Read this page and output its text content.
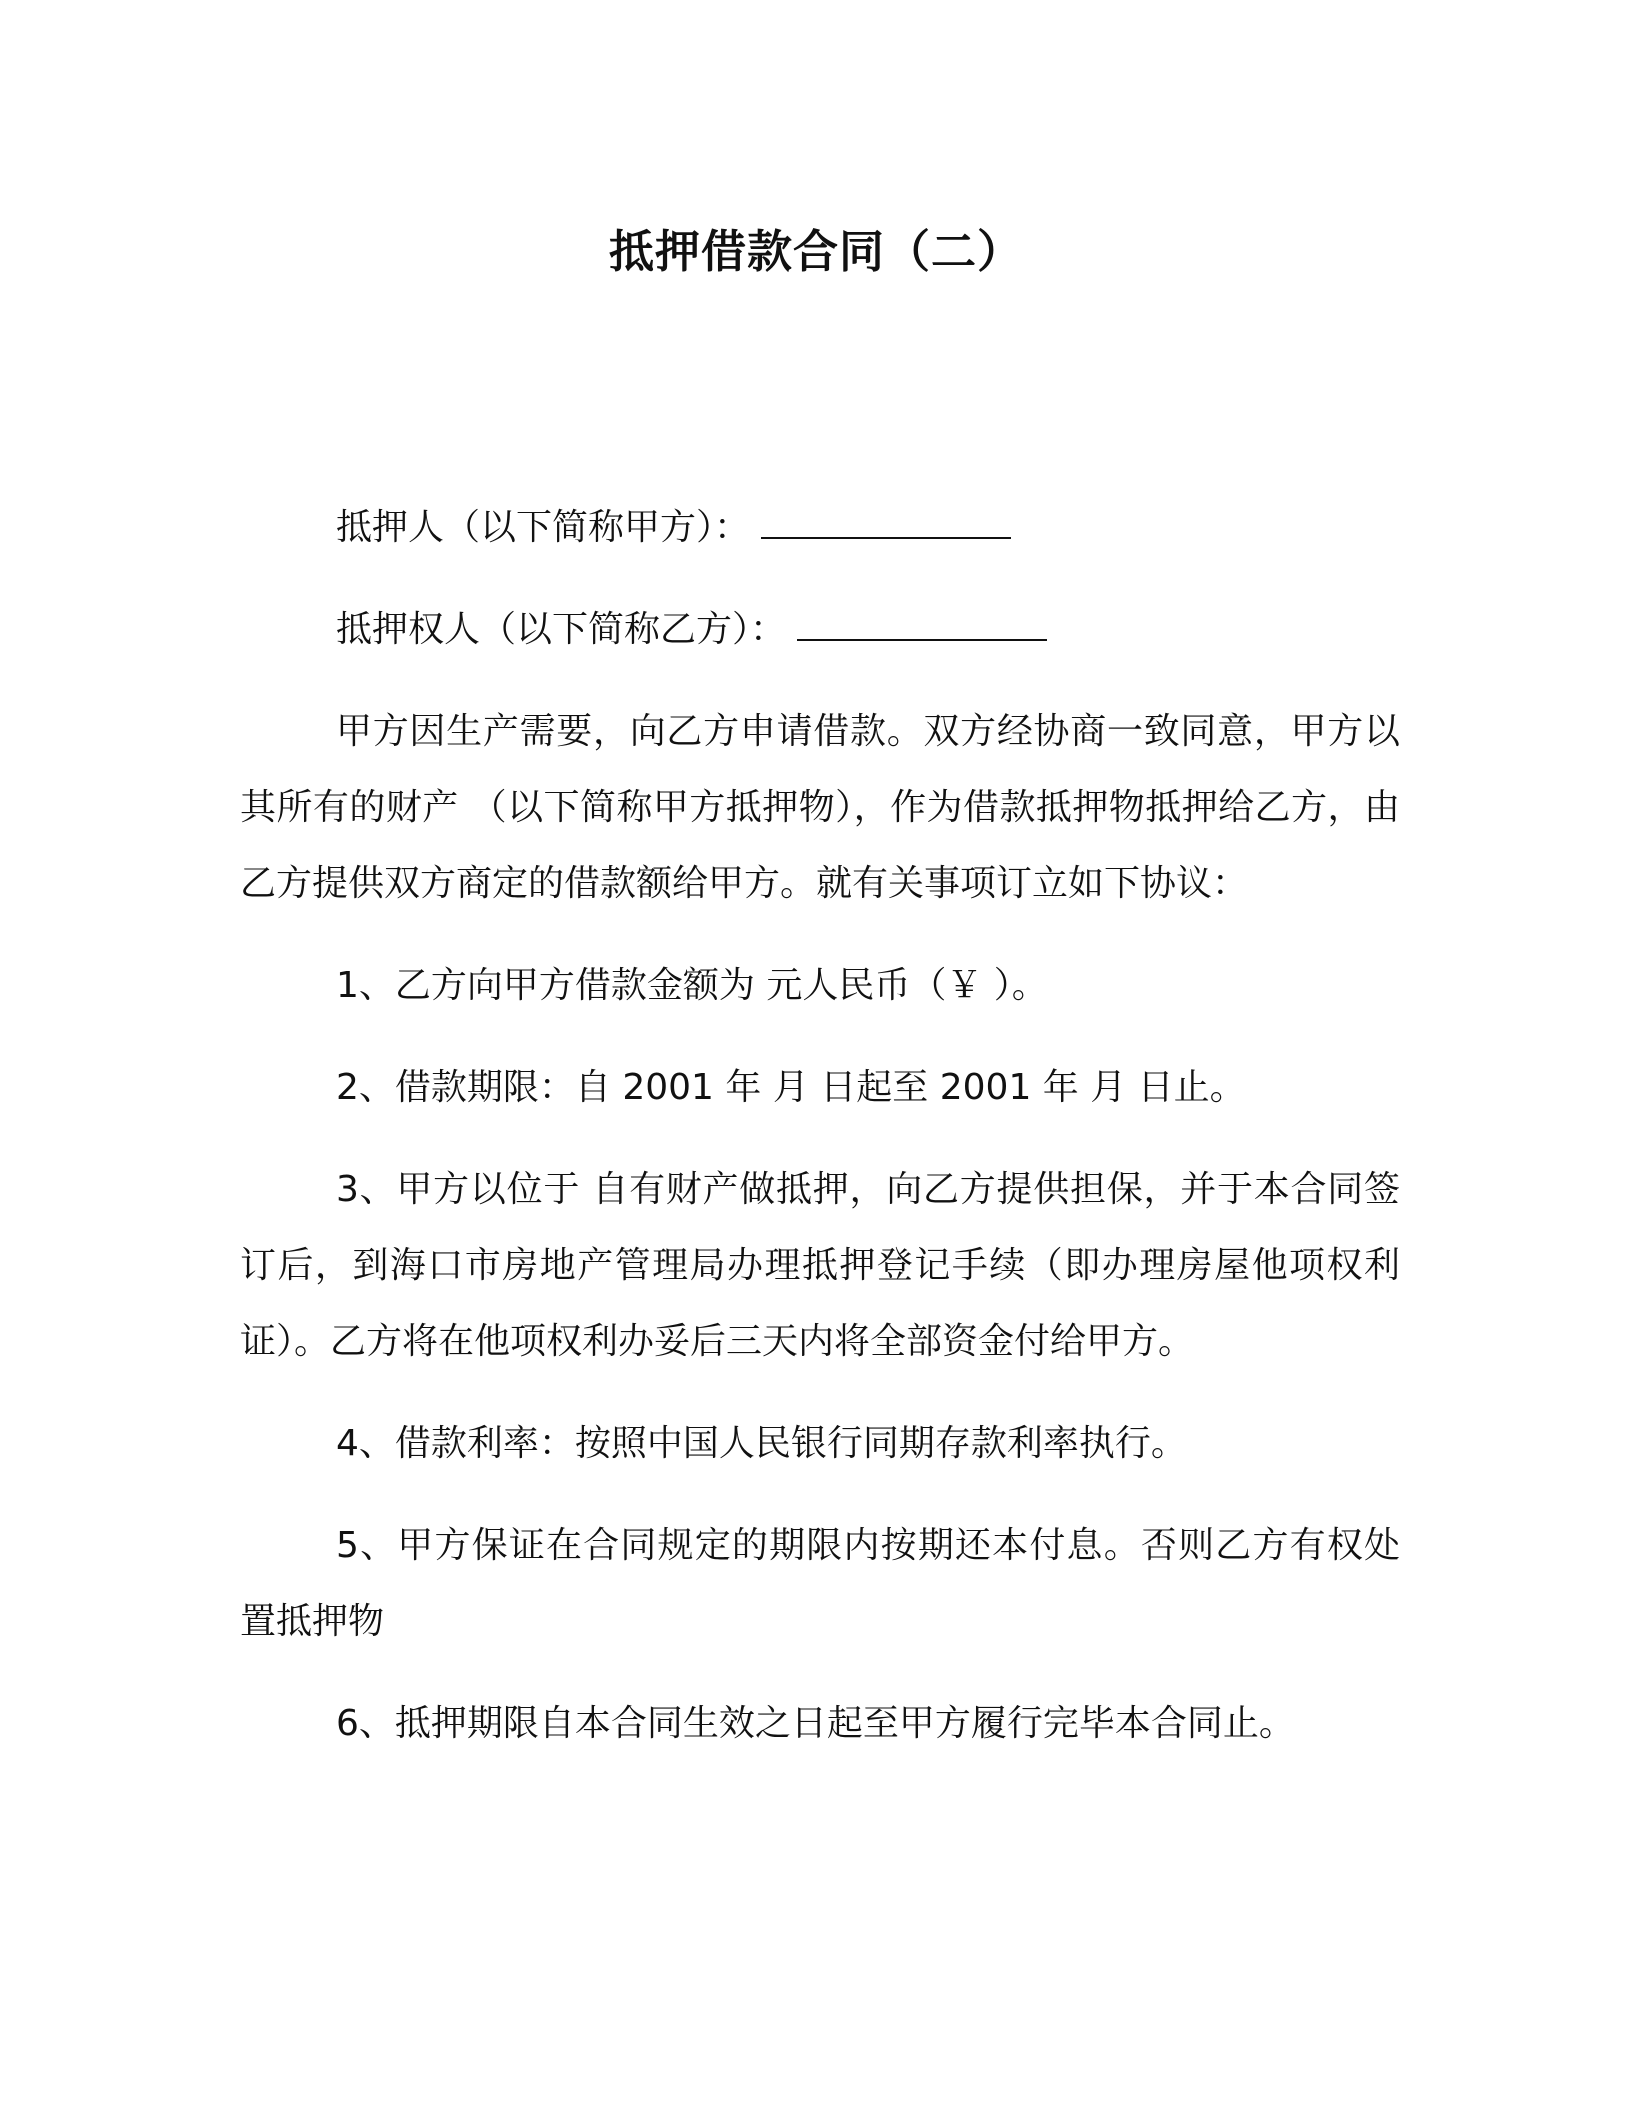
抵押借款合同（二）

抵押人（以下简称甲方）：

抵押权人（以下简称乙方）：

甲方因生产需要，向乙方申请借款。双方经协商一致同意，甲方以其所有的财产 （以下简称甲方抵押物），作为借款抵押物抵押给乙方，由乙方提供双方商定的借款额给甲方。就有关事项订立如下协议：

1、乙方向甲方借款金额为 元人民币（￥ ）。

2、借款期限：自 2001 年 月 日起至 2001 年 月 日止。

3、甲方以位于 自有财产做抵押，向乙方提供担保，并于本合同签订后，到海口市房地产管理局办理抵押登记手续（即办理房屋他项权利证）。乙方将在他项权利办妥后三天内将全部资金付给甲方。

4、借款利率：按照中国人民银行同期存款利率执行。

5、甲方保证在合同规定的期限内按期还本付息。否则乙方有权处置抵押物

6、抵押期限自本合同生效之日起至甲方履行完毕本合同止。
